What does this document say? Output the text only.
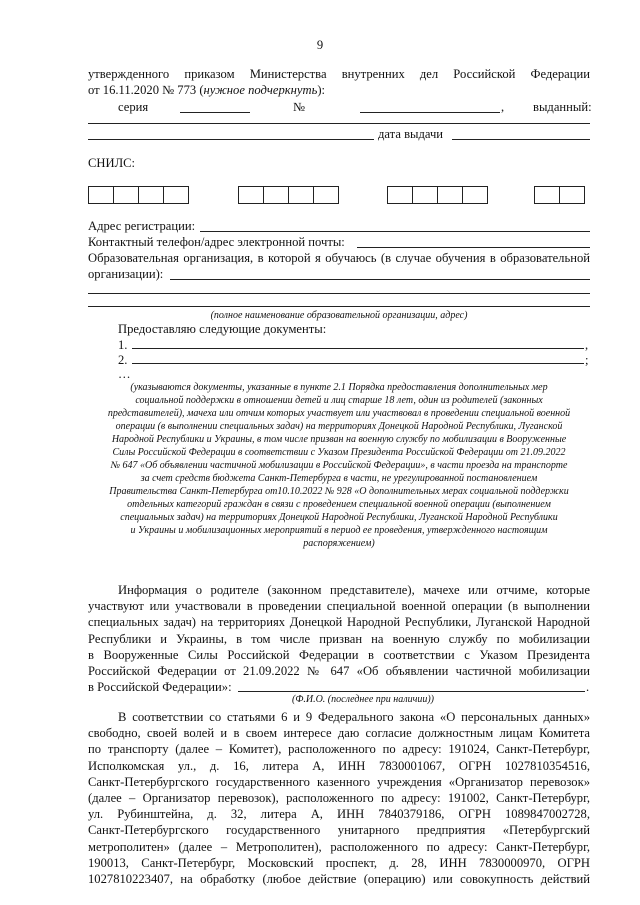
9
утвержденного приказом Министерства внутренних дел Российской Федерации
от 16.11.2020 № 773 (нужное подчеркнуть):
серия	№	, выданный:
дата выдачи
СНИЛС:
Адрес регистрации:
Контактный телефон/адрес электронной почты:
Образовательная организация, в которой я обучаюсь (в случае обучения в образовательной
организации):
(полное наименование образовательной организации, адрес)
Предоставляю следующие документы:
1.	,
2.	;
…
(указываются документы, указанные в пункте 2.1 Порядка предоставления дополнительных мер
социальной поддержки в отношении детей и лиц старше 18 лет, один из родителей (законных
представителей), мачеха или отчим которых участвует или участвовал в проведении специальной военной
операции (в выполнении специальных задач) на территориях Донецкой Народной Республики, Луганской
Народной Республики и Украины, в том числе призван на военную службу по мобилизации в Вооруженные
Силы Российской Федерации в соответствии с Указом Президента Российской Федерации от 21.09.2022
№ 647 «Об объявлении частичной мобилизации в Российской Федерации», в части проезда на транспорте
за счет средств бюджета Санкт-Петербурга в части, не урегулированной постановлением
Правительства Санкт-Петербурга от10.10.2022 № 928 «О дополнительных мерах социальной поддержки
отдельных категорий граждан в связи с проведением специальной военной операции (выполнением
специальных задач) на территориях Донецкой Народной Республики, Луганской Народной Республики
и Украины и мобилизационных мероприятий в период ее проведения, утвержденного настоящим
распоряжением)
Информация о родителе (законном представителе), мачехе или отчиме, которые
участвуют или участвовали в проведении специальной военной операции (в выполнении
специальных задач) на территориях Донецкой Народной Республики, Луганской Народной
Республики и Украины, в том числе призван на военную службу по мобилизации
в Вооруженные Силы Российской Федерации в соответствии с Указом Президента
Российской Федерации от 21.09.2022 № 647 «Об объявлении частичной мобилизации
в Российской Федерации»:	.
(Ф.И.О. (последнее при наличии))
В соответствии со статьями 6 и 9 Федерального закона «О персональных данных»
свободно, своей волей и в своем интересе даю согласие должностным лицам Комитета
по транспорту (далее – Комитет), расположенного по адресу: 191024, Санкт-Петербург,
Исполкомская ул., д. 16, литера А, ИНН 7830001067, ОГРН 1027810354516,
Санкт-Петербургского государственного казенного учреждения «Организатор перевозок»
(далее – Организатор перевозок), расположенного по адресу: 191002, Санкт-Петербург,
ул. Рубинштейна, д. 32, литера А, ИНН 7840379186, ОГРН 1089847002728,
Санкт-Петербургского государственного унитарного предприятия «Петербургский
метрополитен» (далее – Метрополитен), расположенного по адресу: Санкт-Петербург,
190013, Санкт-Петербург, Московский проспект, д. 28, ИНН 7830000970, ОГРН
1027810223407, на обработку (любое действие (операцию) или совокупность действий
